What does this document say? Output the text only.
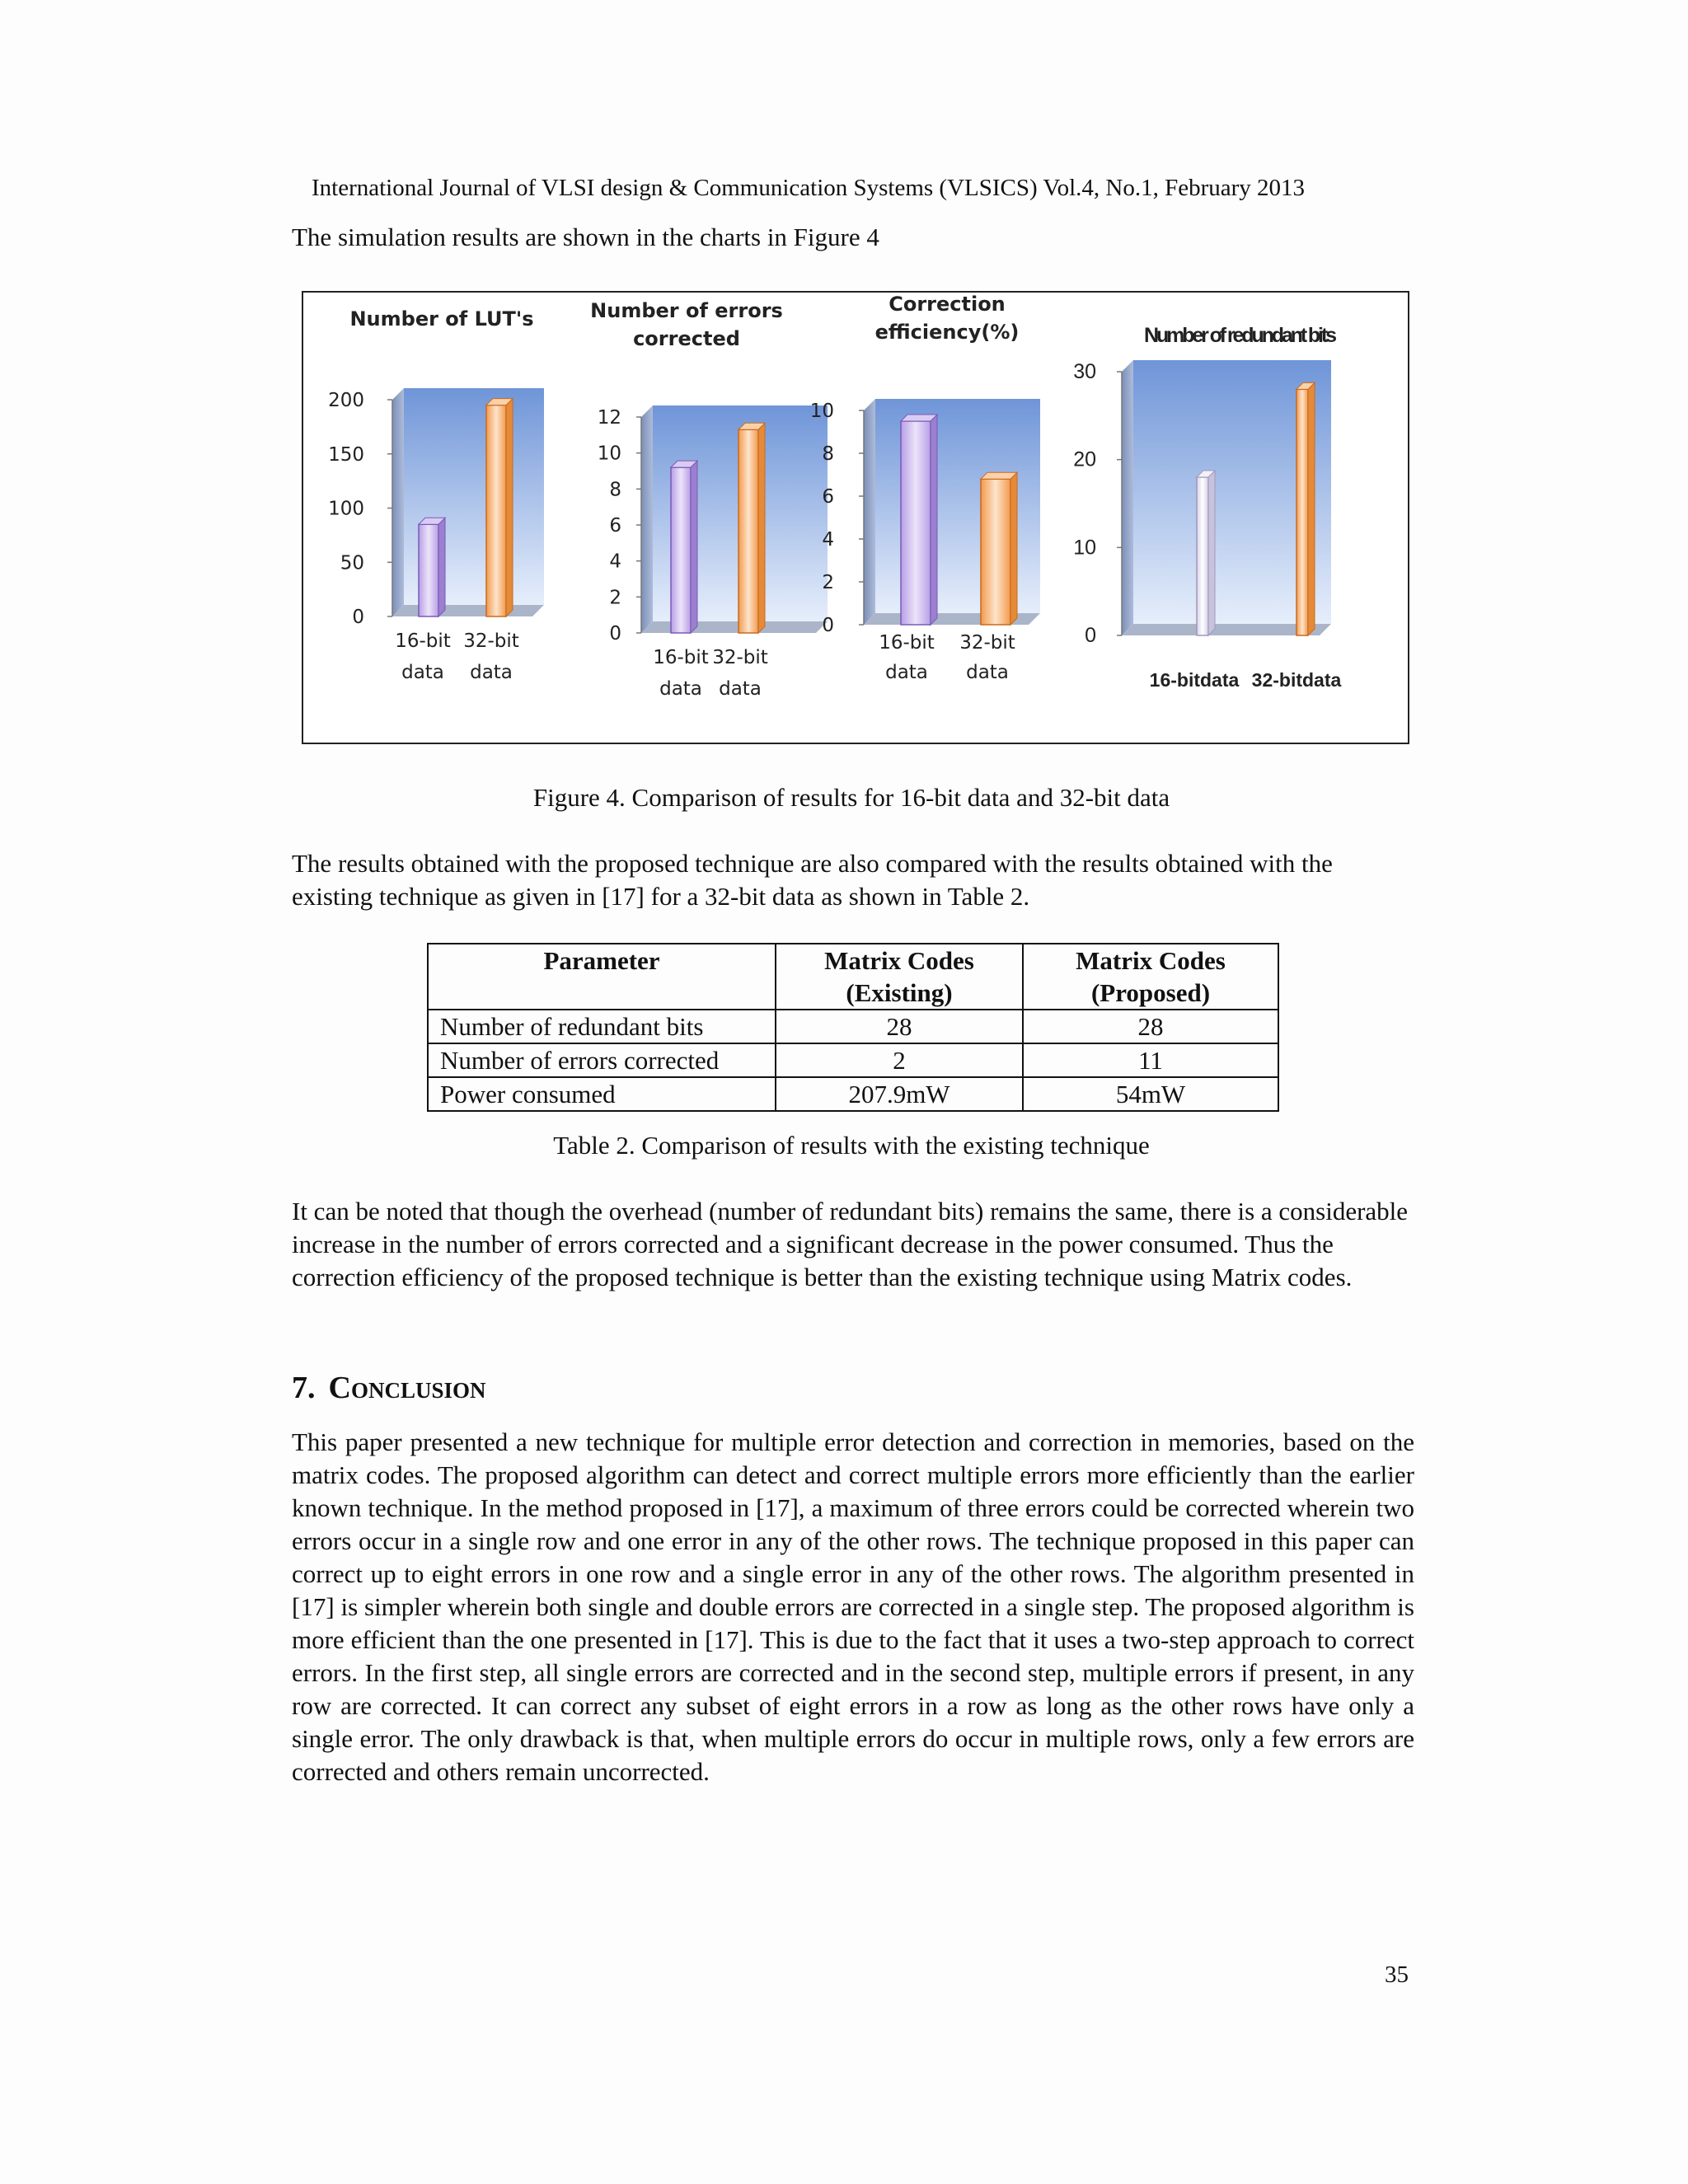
International Journal of VLSI design & Communication Systems (VLSICS) Vol.4, No.1, February 2013
The simulation results are shown in the charts in Figure 4
0
50
100
150
200
Number of LUT's
16-bit
data
32-bit
data
0
2
4
6
8
10
12
Number of errors
corrected
16-bit
data
32-bit
data
0
2
4
6
8
10
Correction
efficiency(%)
16-bit
data
32-bit
data
0
10
20
30
Number of redundant bits
16-bitdata 32-bitdata
Figure 4. Comparison of results for 16-bit data and 32-bit data
The results obtained with the proposed technique are also compared with the results obtained with the existing technique as given in [17] for a 32-bit data as shown in Table 2.
Parameter	Matrix Codes (Existing)	Matrix Codes (Proposed)
Number of redundant bits	28	28
Number of errors corrected	2	11
Power consumed	207.9mW	54mW
Table 2. Comparison of results with the existing technique
It can be noted that though the overhead (number of redundant bits) remains the same, there is a considerable increase in the number of errors corrected and a significant decrease in the power consumed. Thus the correction efficiency of the proposed technique is better than the existing technique using Matrix codes.
7. Conclusion
This paper presented a new technique for multiple error detection and correction in memories, based on the matrix codes. The proposed algorithm can detect and correct multiple errors more efficiently than the earlier known technique. In the method proposed in [17], a maximum of three errors could be corrected wherein two errors occur in a single row and one error in any of the other rows. The technique proposed in this paper can correct up to eight errors in one row and a single error in any of the other rows. The algorithm presented in [17] is simpler wherein both single and double errors are corrected in a single step. The proposed algorithm is more efficient than the one presented in [17]. This is due to the fact that it uses a two-step approach to correct errors. In the first step, all single errors are corrected and in the second step, multiple errors if present, in any row are corrected. It can correct any subset of eight errors in a row as long as the other rows have only a single error. The only drawback is that, when multiple errors do occur in multiple rows, only a few errors are corrected and others remain uncorrected.
35
